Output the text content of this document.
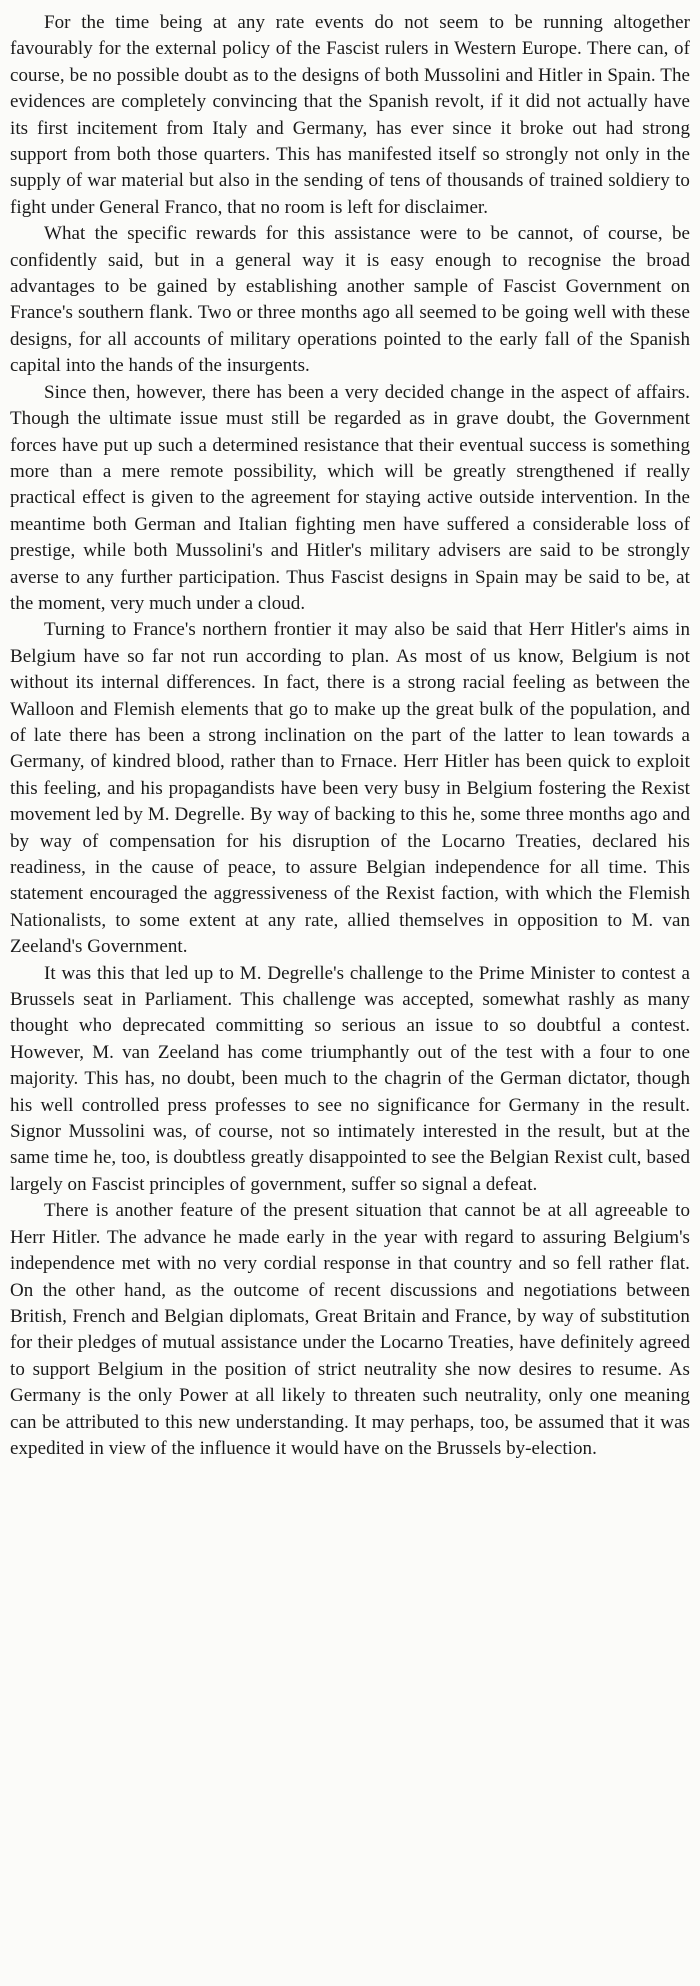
For the time being at any rate events do not seem to be running altogether favourably for the external policy of the Fascist rulers in Western Europe. There can, of course, be no possible doubt as to the designs of both Mussolini and Hitler in Spain. The evidences are completely convincing that the Spanish revolt, if it did not actually have its first incitement from Italy and Germany, has ever since it broke out had strong support from both those quarters. This has manifested itself so strongly not only in the supply of war material but also in the sending of tens of thousands of trained soldiery to fight under General Franco, that no room is left for disclaimer.

What the specific rewards for this assistance were to be cannot, of course, be confidently said, but in a general way it is easy enough to recognise the broad advantages to be gained by establishing another sample of Fascist Government on France's southern flank. Two or three months ago all seemed to be going well with these designs, for all accounts of military operations pointed to the early fall of the Spanish capital into the hands of the insurgents.

Since then, however, there has been a very decided change in the aspect of affairs. Though the ultimate issue must still be regarded as in grave doubt, the Government forces have put up such a determined resistance that their eventual success is something more than a mere remote possibility, which will be greatly strengthened if really practical effect is given to the agreement for staying active outside intervention. In the meantime both German and Italian fighting men have suffered a considerable loss of prestige, while both Mussolini's and Hitler's military advisers are said to be strongly averse to any further participation. Thus Fascist designs in Spain may be said to be, at the moment, very much under a cloud.

Turning to France's northern frontier it may also be said that Herr Hitler's aims in Belgium have so far not run according to plan. As most of us know, Belgium is not without its internal differences. In fact, there is a strong racial feeling as between the Walloon and Flemish elements that go to make up the great bulk of the population, and of late there has been a strong inclination on the part of the latter to lean towards a Germany, of kindred blood, rather than to Frnace. Herr Hitler has been quick to exploit this feeling, and his propagandists have been very busy in Belgium fostering the Rexist movement led by M. Degrelle. By way of backing to this he, some three months ago and by way of compensation for his disruption of the Locarno Treaties, declared his readiness, in the cause of peace, to assure Belgian independence for all time. This statement encouraged the aggressiveness of the Rexist faction, with which the Flemish Nationalists, to some extent at any rate, allied themselves in opposition to M. van Zeeland's Government.

It was this that led up to M. Degrelle's challenge to the Prime Minister to contest a Brussels seat in Parliament. This challenge was accepted, somewhat rashly as many thought who deprecated committing so serious an issue to so doubtful a contest. However, M. van Zeeland has come triumphantly out of the test with a four to one majority. This has, no doubt, been much to the chagrin of the German dictator, though his well controlled press professes to see no significance for Germany in the result. Signor Mussolini was, of course, not so intimately interested in the result, but at the same time he, too, is doubtless greatly disappointed to see the Belgian Rexist cult, based largely on Fascist principles of government, suffer so signal a defeat.

There is another feature of the present situation that cannot be at all agreeable to Herr Hitler. The advance he made early in the year with regard to assuring Belgium's independence met with no very cordial response in that country and so fell rather flat. On the other hand, as the outcome of recent discussions and negotiations between British, French and Belgian diplomats, Great Britain and France, by way of substitution for their pledges of mutual assistance under the Locarno Treaties, have definitely agreed to support Belgium in the position of strict neutrality she now desires to resume. As Germany is the only Power at all likely to threaten such neutrality, only one meaning can be attributed to this new understanding. It may perhaps, too, be assumed that it was expedited in view of the influence it would have on the Brussels by-election.
